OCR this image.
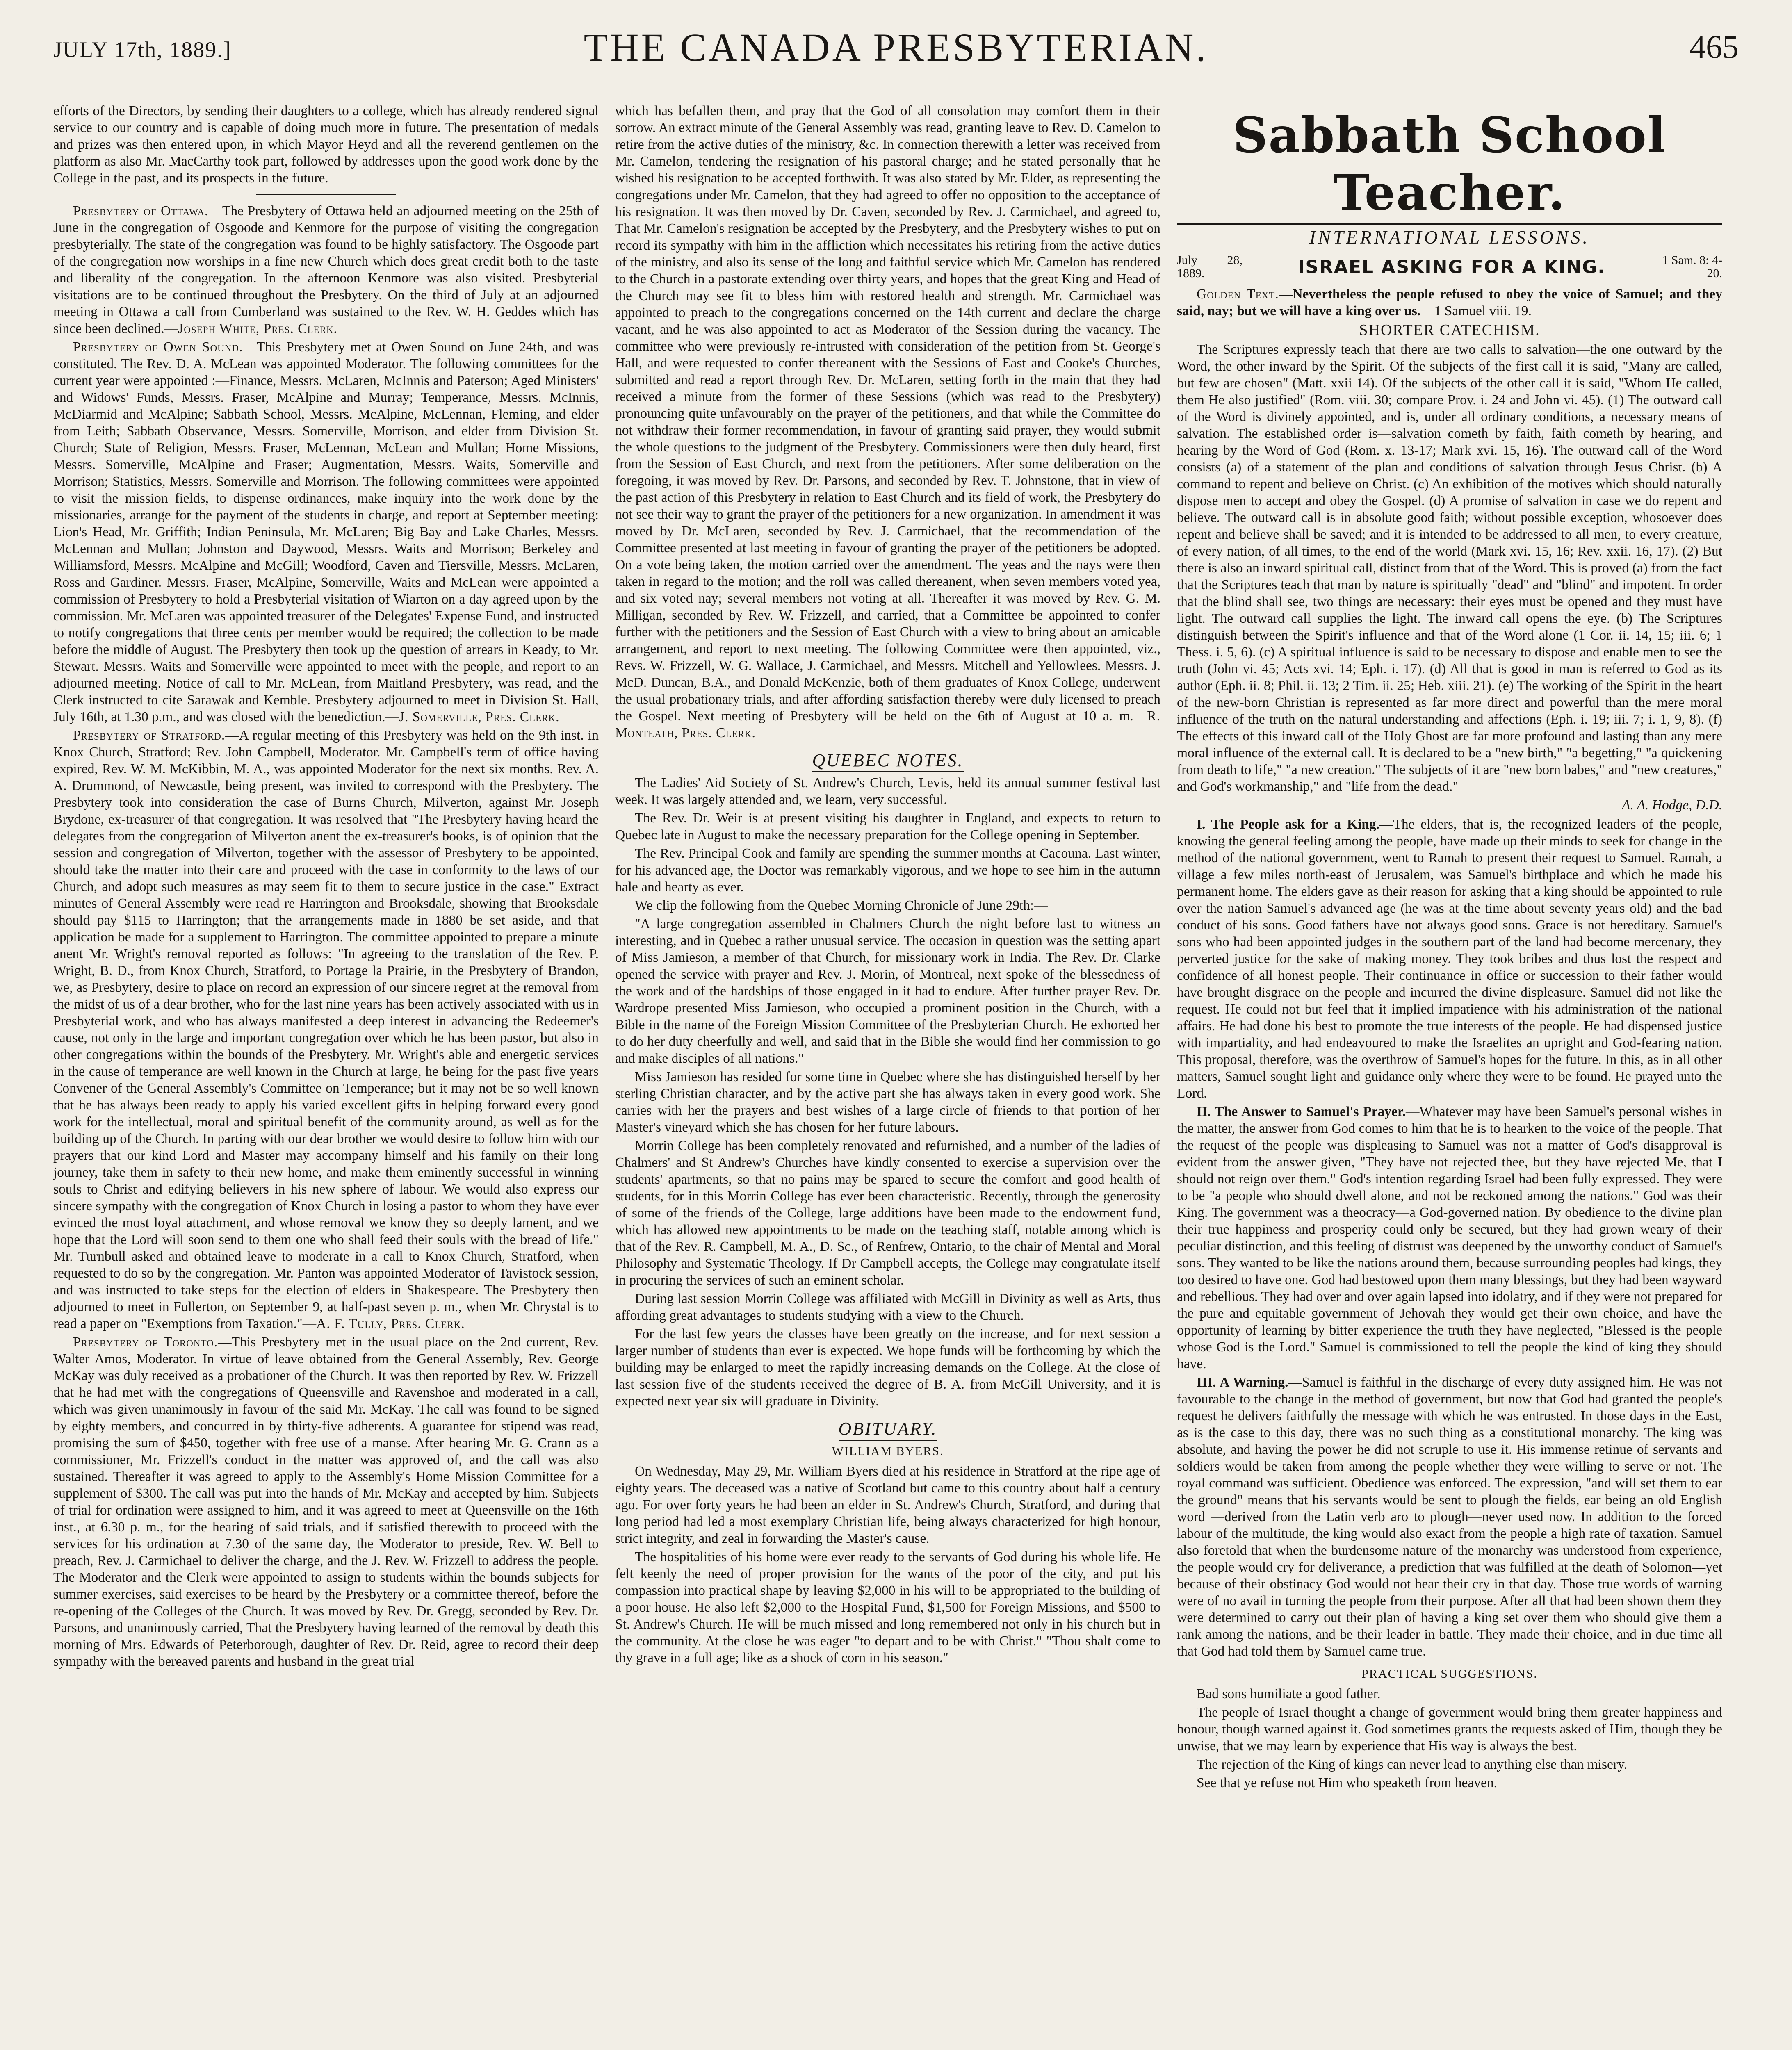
JULY 17th, 1889.]	THE CANADA PRESBYTERIAN.	465

efforts of the Directors, by sending their daughters to a college, which has already rendered signal service to our country and is capable of doing much more in future. The presentation of medals and prizes was then entered upon, in which Mayor Heyd and all the reverend gentlemen on the platform as also Mr. MacCarthy took part, followed by addresses upon the good work done by the College in the past, and its prospects in the future.

Presbytery of Ottawa.—The Presbytery of Ottawa held an adjourned meeting on the 25th of June in the congregation of Osgoode and Kenmore for the purpose of visiting the congregation presbyterially. The state of the congregation was found to be highly satisfactory. The Osgoode part of the congregation now worships in a fine new Church which does great credit both to the taste and liberality of the congregation. In the afternoon Kenmore was also visited. Presbyterial visitations are to be continued throughout the Presbytery. On the third of July at an adjourned meeting in Ottawa a call from Cumberland was sustained to the Rev. W. H. Geddes which has since been declined.—Joseph White, Pres. Clerk.

Presbytery of Owen Sound.—This Presbytery met at Owen Sound on June 24th, and was constituted. The Rev. D. A. McLean was appointed Moderator. The following committees for the current year were appointed :—Finance, Messrs. McLaren, McInnis and Paterson; Aged Ministers' and Widows' Funds, Messrs. Fraser, McAlpine and Murray; Temperance, Messrs. McInnis, McDiarmid and McAlpine; Sabbath School, Messrs. McAlpine, McLennan, Fleming, and elder from Leith; Sabbath Observance, Messrs. Somerville, Morrison, and elder from Division St. Church; State of Religion, Messrs. Fraser, McLennan, McLean and Mullan; Home Missions, Messrs. Somerville, McAlpine and Fraser; Augmentation, Messrs. Waits, Somerville and Morrison; Statistics, Messrs. Somerville and Morrison. The following committees were appointed to visit the mission fields, to dispense ordinances, make inquiry into the work done by the missionaries, arrange for the payment of the students in charge, and report at September meeting: Lion's Head, Mr. Griffith; Indian Peninsula, Mr. McLaren; Big Bay and Lake Charles, Messrs. McLennan and Mullan; Johnston and Daywood, Messrs. Waits and Morrison; Berkeley and Williamsford, Messrs. McAlpine and McGill; Woodford, Caven and Tiersville, Messrs. McLaren, Ross and Gardiner. Messrs. Fraser, McAlpine, Somerville, Waits and McLean were appointed a commission of Presbytery to hold a Presbyterial visitation of Wiarton on a day agreed upon by the commission. Mr. McLaren was appointed treasurer of the Delegates' Expense Fund, and instructed to notify congregations that three cents per member would be required; the collection to be made before the middle of August. The Presbytery then took up the question of arrears in Keady, to Mr. Stewart. Messrs. Waits and Somerville were appointed to meet with the people, and report to an adjourned meeting. Notice of call to Mr. McLean, from Maitland Presbytery, was read, and the Clerk instructed to cite Sarawak and Kemble. Presbytery adjourned to meet in Division St. Hall, July 16th, at 1.30 p.m., and was closed with the benediction.—J. Somerville, Pres. Clerk.

Presbytery of Stratford.—A regular meeting of this Presbytery was held on the 9th inst. in Knox Church, Stratford; Rev. John Campbell, Moderator. Mr. Campbell's term of office having expired, Rev. W. M. McKibbin, M. A., was appointed Moderator for the next six months. Rev. A. A. Drummond, of Newcastle, being present, was invited to correspond with the Presbytery. The Presbytery took into consideration the case of Burns Church, Milverton, against Mr. Joseph Brydone, ex-treasurer of that congregation. It was resolved that "The Presbytery having heard the delegates from the congregation of Milverton anent the ex-treasurer's books, is of opinion that the session and congregation of Milverton, together with the assessor of Presbytery to be appointed, should take the matter into their care and proceed with the case in conformity to the laws of our Church, and adopt such measures as may seem fit to them to secure justice in the case." Extract minutes of General Assembly were read re Harrington and Brooksdale, showing that Brooksdale should pay $115 to Harrington; that the arrangements made in 1880 be set aside, and that application be made for a supplement to Harrington. The committee appointed to prepare a minute anent Mr. Wright's removal reported as follows: "In agreeing to the translation of the Rev. P. Wright, B. D., from Knox Church, Stratford, to Portage la Prairie, in the Presbytery of Brandon, we, as Presbytery, desire to place on record an expression of our sincere regret at the removal from the midst of us of a dear brother, who for the last nine years has been actively associated with us in Presbyterial work, and who has always manifested a deep interest in advancing the Redeemer's cause, not only in the large and important congregation over which he has been pastor, but also in other congregations within the bounds of the Presbytery. Mr. Wright's able and energetic services in the cause of temperance are well known in the Church at large, he being for the past five years Convener of the General Assembly's Committee on Temperance; but it may not be so well known that he has always been ready to apply his varied excellent gifts in helping forward every good work for the intellectual, moral and spiritual benefit of the community around, as well as for the building up of the Church. In parting with our dear brother we would desire to follow him with our prayers that our kind Lord and Master may accompany himself and his family on their long journey, take them in safety to their new home, and make them eminently successful in winning souls to Christ and edifying believers in his new sphere of labour. We would also express our sincere sympathy with the congregation of Knox Church in losing a pastor to whom they have ever evinced the most loyal attachment, and whose removal we know they so deeply lament, and we hope that the Lord will soon send to them one who shall feed their souls with the bread of life." Mr. Turnbull asked and obtained leave to moderate in a call to Knox Church, Stratford, when requested to do so by the congregation. Mr. Panton was appointed Moderator of Tavistock session, and was instructed to take steps for the election of elders in Shakespeare. The Presbytery then adjourned to meet in Fullerton, on September 9, at half-past seven p. m., when Mr. Chrystal is to read a paper on "Exemptions from Taxation."—A. F. Tully, Pres. Clerk.

Presbytery of Toronto.—This Presbytery met in the usual place on the 2nd current, Rev. Walter Amos, Moderator. In virtue of leave obtained from the General Assembly, Rev. George McKay was duly received as a probationer of the Church. It was then reported by Rev. W. Frizzell that he had met with the congregations of Queensville and Ravenshoe and moderated in a call, which was given unanimously in favour of the said Mr. McKay. The call was found to be signed by eighty members, and concurred in by thirty-five adherents. A guarantee for stipend was read, promising the sum of $450, together with free use of a manse. After hearing Mr. G. Crann as a commissioner, Mr. Frizzell's conduct in the matter was approved of, and the call was also sustained. Thereafter it was agreed to apply to the Assembly's Home Mission Committee for a supplement of $300. The call was put into the hands of Mr. McKay and accepted by him. Subjects of trial for ordination were assigned to him, and it was agreed to meet at Queensville on the 16th inst., at 6.30 p. m., for the hearing of said trials, and if satisfied therewith to proceed with the services for his ordination at 7.30 of the same day, the Moderator to preside, Rev. W. Bell to preach, Rev. J. Carmichael to deliver the charge, and the J. Rev. W. Frizzell to address the people. The Moderator and the Clerk were appointed to assign to students within the bounds subjects for summer exercises, said exercises to be heard by the Presbytery or a committee thereof, before the re-opening of the Colleges of the Church. It was moved by Rev. Dr. Gregg, seconded by Rev. Dr. Parsons, and unanimously carried, That the Presbytery having learned of the removal by death this morning of Mrs. Edwards of Peterborough, daughter of Rev. Dr. Reid, agree to record their deep sympathy with the bereaved parents and husband in the great trial

which has befallen them, and pray that the God of all consolation may comfort them in their sorrow. An extract minute of the General Assembly was read, granting leave to Rev. D. Camelon to retire from the active duties of the ministry, &c. In connection therewith a letter was received from Mr. Camelon, tendering the resignation of his pastoral charge; and he stated personally that he wished his resignation to be accepted forthwith. It was also stated by Mr. Elder, as representing the congregations under Mr. Camelon, that they had agreed to offer no opposition to the acceptance of his resignation. It was then moved by Dr. Caven, seconded by Rev. J. Carmichael, and agreed to, That Mr. Camelon's resignation be accepted by the Presbytery, and the Presbytery wishes to put on record its sympathy with him in the affliction which necessitates his retiring from the active duties of the ministry, and also its sense of the long and faithful service which Mr. Camelon has rendered to the Church in a pastorate extending over thirty years, and hopes that the great King and Head of the Church may see fit to bless him with restored health and strength. Mr. Carmichael was appointed to preach to the congregations concerned on the 14th current and declare the charge vacant, and he was also appointed to act as Moderator of the Session during the vacancy. The committee who were previously re-intrusted with consideration of the petition from St. George's Hall, and were requested to confer thereanent with the Sessions of East and Cooke's Churches, submitted and read a report through Rev. Dr. McLaren, setting forth in the main that they had received a minute from the former of these Sessions (which was read to the Presbytery) pronouncing quite unfavourably on the prayer of the petitioners, and that while the Committee do not withdraw their former recommendation, in favour of granting said prayer, they would submit the whole questions to the judgment of the Presbytery. Commissioners were then duly heard, first from the Session of East Church, and next from the petitioners. After some deliberation on the foregoing, it was moved by Rev. Dr. Parsons, and seconded by Rev. T. Johnstone, that in view of the past action of this Presbytery in relation to East Church and its field of work, the Presbytery do not see their way to grant the prayer of the petitioners for a new organization. In amendment it was moved by Dr. McLaren, seconded by Rev. J. Carmichael, that the recommendation of the Committee presented at last meeting in favour of granting the prayer of the petitioners be adopted. On a vote being taken, the motion carried over the amendment. The yeas and the nays were then taken in regard to the motion; and the roll was called thereanent, when seven members voted yea, and six voted nay; several members not voting at all. Thereafter it was moved by Rev. G. M. Milligan, seconded by Rev. W. Frizzell, and carried, that a Committee be appointed to confer further with the petitioners and the Session of East Church with a view to bring about an amicable arrangement, and report to next meeting. The following Committee were then appointed, viz., Revs. W. Frizzell, W. G. Wallace, J. Carmichael, and Messrs. Mitchell and Yellowlees. Messrs. J. McD. Duncan, B.A., and Donald McKenzie, both of them graduates of Knox College, underwent the usual probationary trials, and after affording satisfaction thereby were duly licensed to preach the Gospel. Next meeting of Presbytery will be held on the 6th of August at 10 a. m.—R. Monteath, Pres. Clerk.

QUEBEC NOTES.

The Ladies' Aid Society of St. Andrew's Church, Levis, held its annual summer festival last week. It was largely attended and, we learn, very successful.

The Rev. Dr. Weir is at present visiting his daughter in England, and expects to return to Quebec late in August to make the necessary preparation for the College opening in September.

The Rev. Principal Cook and family are spending the summer months at Cacouna. Last winter, for his advanced age, the Doctor was remarkably vigorous, and we hope to see him in the autumn hale and hearty as ever.

We clip the following from the Quebec Morning Chronicle of June 29th:—

"A large congregation assembled in Chalmers Church the night before last to witness an interesting, and in Quebec a rather unusual service. The occasion in question was the setting apart of Miss Jamieson, a member of that Church, for missionary work in India. The Rev. Dr. Clarke opened the service with prayer and Rev. J. Morin, of Montreal, next spoke of the blessedness of the work and of the hardships of those engaged in it had to endure. After further prayer Rev. Dr. Wardrope presented Miss Jamieson, who occupied a prominent position in the Church, with a Bible in the name of the Foreign Mission Committee of the Presbyterian Church. He exhorted her to do her duty cheerfully and well, and said that in the Bible she would find her commission to go and make disciples of all nations."

Miss Jamieson has resided for some time in Quebec where she has distinguished herself by her sterling Christian character, and by the active part she has always taken in every good work. She carries with her the prayers and best wishes of a large circle of friends to that portion of her Master's vineyard which she has chosen for her future labours.

Morrin College has been completely renovated and refurnished, and a number of the ladies of Chalmers' and St Andrew's Churches have kindly consented to exercise a supervision over the students' apartments, so that no pains may be spared to secure the comfort and good health of students, for in this Morrin College has ever been characteristic. Recently, through the generosity of some of the friends of the College, large additions have been made to the endowment fund, which has allowed new appointments to be made on the teaching staff, notable among which is that of the Rev. R. Campbell, M. A., D. Sc., of Renfrew, Ontario, to the chair of Mental and Moral Philosophy and Systematic Theology. If Dr Campbell accepts, the College may congratulate itself in procuring the services of such an eminent scholar.

During last session Morrin College was affiliated with McGill in Divinity as well as Arts, thus affording great advantages to students studying with a view to the Church.

For the last few years the classes have been greatly on the increase, and for next session a larger number of students than ever is expected. We hope funds will be forthcoming by which the building may be enlarged to meet the rapidly increasing demands on the College. At the close of last session five of the students received the degree of B. A. from McGill University, and it is expected next year six will graduate in Divinity.

OBITUARY.
WILLIAM BYERS.

On Wednesday, May 29, Mr. William Byers died at his residence in Stratford at the ripe age of eighty years. The deceased was a native of Scotland but came to this country about half a century ago. For over forty years he had been an elder in St. Andrew's Church, Stratford, and during that long period had led a most exemplary Christian life, being always characterized for high honour, strict integrity, and zeal in forwarding the Master's cause.

The hospitalities of his home were ever ready to the servants of God during his whole life. He felt keenly the need of proper provision for the wants of the poor of the city, and put his compassion into practical shape by leaving $2,000 in his will to be appropriated to the building of a poor house. He also left $2,000 to the Hospital Fund, $1,500 for Foreign Missions, and $500 to St. Andrew's Church. He will be much missed and long remembered not only in his church but in the community. At the close he was eager "to depart and to be with Christ." "Thou shalt come to thy grave in a full age; like as a shock of corn in his season."

Sabbath School Teacher.
INTERNATIONAL LESSONS.
July 28, 1889.	ISRAEL ASKING FOR A KING.	1 Sam. 8: 4-20.

Golden Text.—Nevertheless the people refused to obey the voice of Samuel; and they said, nay; but we will have a king over us.—1 Samuel viii. 19.

SHORTER CATECHISM.

The Scriptures expressly teach that there are two calls to salvation—the one outward by the Word, the other inward by the Spirit. Of the subjects of the first call it is said, "Many are called, but few are chosen" (Matt. xxii 14). Of the subjects of the other call it is said, "Whom He called, them He also justified" (Rom. viii. 30; compare Prov. i. 24 and John vi. 45). (1) The outward call of the Word is divinely appointed, and is, under all ordinary conditions, a necessary means of salvation. The established order is—salvation cometh by faith, faith cometh by hearing, and hearing by the Word of God (Rom. x. 13-17; Mark xvi. 15, 16). The outward call of the Word consists (a) of a statement of the plan and conditions of salvation through Jesus Christ. (b) A command to repent and believe on Christ. (c) An exhibition of the motives which should naturally dispose men to accept and obey the Gospel. (d) A promise of salvation in case we do repent and believe. The outward call is in absolute good faith; without possible exception, whosoever does repent and believe shall be saved; and it is intended to be addressed to all men, to every creature, of every nation, of all times, to the end of the world (Mark xvi. 15, 16; Rev. xxii. 16, 17). (2) But there is also an inward spiritual call, distinct from that of the Word. This is proved (a) from the fact that the Scriptures teach that man by nature is spiritually "dead" and "blind" and impotent. In order that the blind shall see, two things are necessary: their eyes must be opened and they must have light. The outward call supplies the light. The inward call opens the eye. (b) The Scriptures distinguish between the Spirit's influence and that of the Word alone (1 Cor. ii. 14, 15; iii. 6; 1 Thess. i. 5, 6). (c) A spiritual influence is said to be necessary to dispose and enable men to see the truth (John vi. 45; Acts xvi. 14; Eph. i. 17). (d) All that is good in man is referred to God as its author (Eph. ii. 8; Phil. ii. 13; 2 Tim. ii. 25; Heb. xiii. 21). (e) The working of the Spirit in the heart of the new-born Christian is represented as far more direct and powerful than the mere moral influence of the truth on the natural understanding and affections (Eph. i. 19; iii. 7; i. 1, 9, 8). (f) The effects of this inward call of the Holy Ghost are far more profound and lasting than any mere moral influence of the external call. It is declared to be a "new birth," "a begetting," "a quickening from death to life," "a new creation." The subjects of it are "new born babes," and "new creatures," and God's workmanship," and "life from the dead."

—A. A. Hodge, D.D.

I. The People ask for a King.—The elders, that is, the recognized leaders of the people, knowing the general feeling among the people, have made up their minds to seek for change in the method of the national government, went to Ramah to present their request to Samuel. Ramah, a village a few miles north-east of Jerusalem, was Samuel's birthplace and which he made his permanent home. The elders gave as their reason for asking that a king should be appointed to rule over the nation Samuel's advanced age (he was at the time about seventy years old) and the bad conduct of his sons. Good fathers have not always good sons. Grace is not hereditary. Samuel's sons who had been appointed judges in the southern part of the land had become mercenary, they perverted justice for the sake of making money. They took bribes and thus lost the respect and confidence of all honest people. Their continuance in office or succession to their father would have brought disgrace on the people and incurred the divine displeasure. Samuel did not like the request. He could not but feel that it implied impatience with his administration of the national affairs. He had done his best to promote the true interests of the people. He had dispensed justice with impartiality, and had endeavoured to make the Israelites an upright and God-fearing nation. This proposal, therefore, was the overthrow of Samuel's hopes for the future. In this, as in all other matters, Samuel sought light and guidance only where they were to be found. He prayed unto the Lord.

II. The Answer to Samuel's Prayer.—Whatever may have been Samuel's personal wishes in the matter, the answer from God comes to him that he is to hearken to the voice of the people. That the request of the people was displeasing to Samuel was not a matter of God's disapproval is evident from the answer given, "They have not rejected thee, but they have rejected Me, that I should not reign over them." God's intention regarding Israel had been fully expressed. They were to be "a people who should dwell alone, and not be reckoned among the nations." God was their King. The government was a theocracy—a God-governed nation. By obedience to the divine plan their true happiness and prosperity could only be secured, but they had grown weary of their peculiar distinction, and this feeling of distrust was deepened by the unworthy conduct of Samuel's sons. They wanted to be like the nations around them, because surrounding peoples had kings, they too desired to have one. God had bestowed upon them many blessings, but they had been wayward and rebellious. They had over and over again lapsed into idolatry, and if they were not prepared for the pure and equitable government of Jehovah they would get their own choice, and have the opportunity of learning by bitter experience the truth they have neglected, "Blessed is the people whose God is the Lord." Samuel is commissioned to tell the people the kind of king they should have.

III. A Warning.—Samuel is faithful in the discharge of every duty assigned him. He was not favourable to the change in the method of government, but now that God had granted the people's request he delivers faithfully the message with which he was entrusted. In those days in the East, as is the case to this day, there was no such thing as a constitutional monarchy. The king was absolute, and having the power he did not scruple to use it. His immense retinue of servants and soldiers would be taken from among the people whether they were willing to serve or not. The royal command was sufficient. Obedience was enforced. The expression, "and will set them to ear the ground" means that his servants would be sent to plough the fields, ear being an old English word —derived from the Latin verb aro to plough—never used now. In addition to the forced labour of the multitude, the king would also exact from the people a high rate of taxation. Samuel also foretold that when the burdensome nature of the monarchy was understood from experience, the people would cry for deliverance, a prediction that was fulfilled at the death of Solomon—yet because of their obstinacy God would not hear their cry in that day. Those true words of warning were of no avail in turning the people from their purpose. After all that had been shown them they were determined to carry out their plan of having a king set over them who should give them a rank among the nations, and be their leader in battle. They made their choice, and in due time all that God had told them by Samuel came true.

PRACTICAL SUGGESTIONS.

Bad sons humiliate a good father.

The people of Israel thought a change of government would bring them greater happiness and honour, though warned against it. God sometimes grants the requests asked of Him, though they be unwise, that we may learn by experience that His way is always the best.

The rejection of the King of kings can never lead to anything else than misery.

See that ye refuse not Him who speaketh from heaven.
